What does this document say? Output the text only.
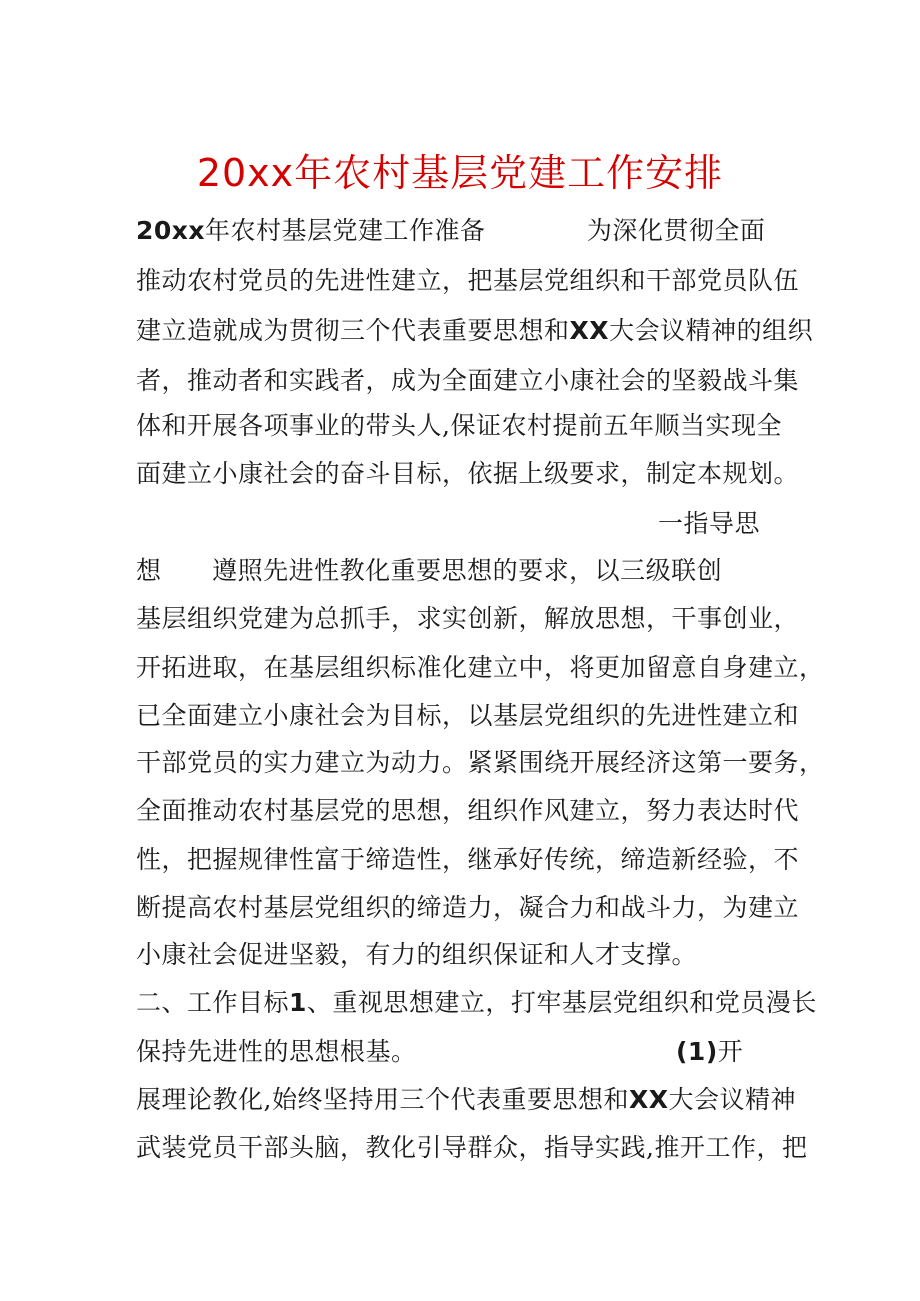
20xx年农村基层党建工作安排
20xx年农村基层党建工作准备            为深化贯彻全面
推动农村党员的先进性建立，把基层党组织和干部党员队伍
建立造就成为贯彻三个代表重要思想和XX大会议精神的组织
者，推动者和实践者，成为全面建立小康社会的坚毅战斗集
体和开展各项事业的带头人,保证农村提前五年顺当实现全
面建立小康社会的奋斗目标，依据上级要求，制定本规划。
一指导思
想      遵照先进性教化重要思想的要求，以三级联创
基层组织党建为总抓手，求实创新，解放思想，干事创业，
开拓进取，在基层组织标准化建立中，将更加留意自身建立，
已全面建立小康社会为目标，以基层党组织的先进性建立和
干部党员的实力建立为动力。紧紧围绕开展经济这第一要务，
全面推动农村基层党的思想，组织作风建立，努力表达时代
性，把握规律性富于缔造性，继承好传统，缔造新经验，不
断提高农村基层党组织的缔造力，凝合力和战斗力，为建立
小康社会促进坚毅，有力的组织保证和人才支撑。
二、工作目标1、重视思想建立，打牢基层党组织和党员漫长
保持先进性的思想根基。	(1)开
展理论教化,始终坚持用三个代表重要思想和XX大会议精神
武装党员干部头脑，教化引导群众，指导实践,推开工作，把
